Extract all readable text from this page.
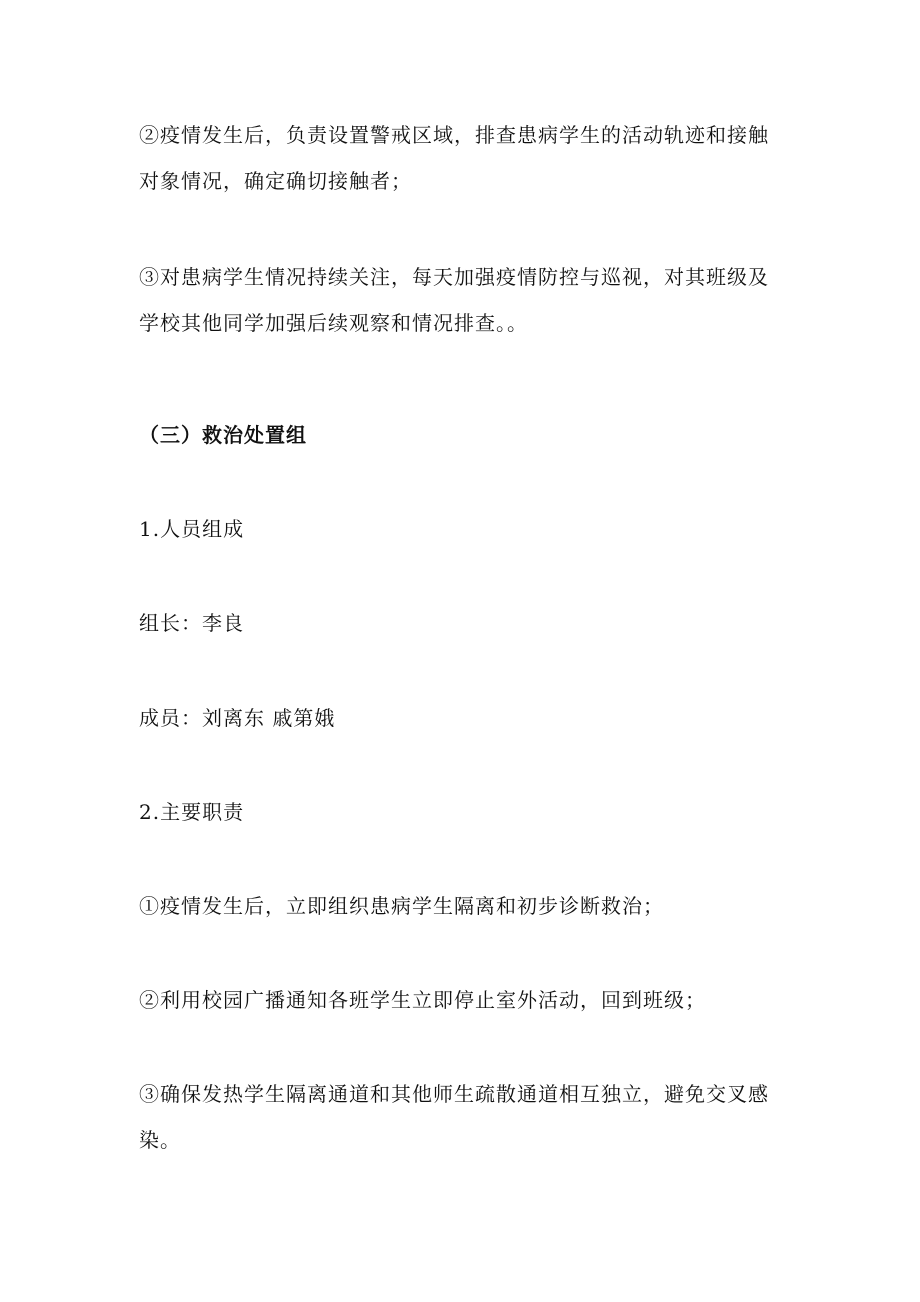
②疫情发生后，负责设置警戒区域，排查患病学生的活动轨迹和接触对象情况，确定确切接触者；

③对患病学生情况持续关注，每天加强疫情防控与巡视，对其班级及学校其他同学加强后续观察和情况排查。。

（三）救治处置组

1.人员组成

组长：李良

成员：刘离东 戚第娥

2.主要职责

①疫情发生后，立即组织患病学生隔离和初步诊断救治；

②利用校园广播通知各班学生立即停止室外活动，回到班级；

③确保发热学生隔离通道和其他师生疏散通道相互独立，避免交叉感染。
